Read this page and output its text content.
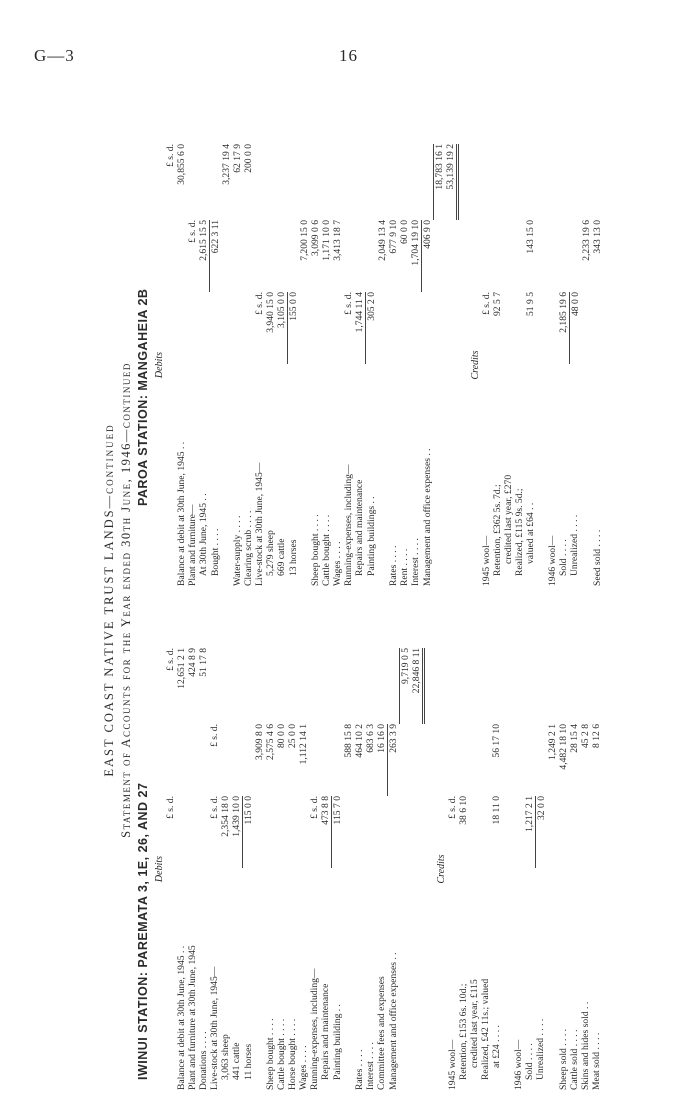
G—3	16
EAST COAST NATIVE TRUST LANDS—continued Statement of Accounts for the Year ended 30th June, 1946—continued
IWINUI STATION: PAREMATA 3, 1E, 26, AND 27
PAROA STATION: MANGAHEIA 2B
Debits			
	£ s. d.		£ s. d.
Balance at debit at 30th June, 1945 . .			12,651 2 1
Plant and furniture at 30th June, 1945			424 8 9
Donations . . . .			51 17 8
Live-stock at 30th June, 1945—	£ s. d.	£ s. d.	
3,063 sheep	2,354 18 0		
441 cattle	1,439 10 0		
11 horses	115 0 0		
		3,909 8 0	
Sheep bought . . . .		2,575 4 6	
Cattle bought . . . .		80 0 0	
Horse bought . . . .		25 0 0	
Wages . . . .		1,112 14 1	
Running-expenses, including—	£ s. d.		
Repairs and maintenance	473 8 8		
Painting building . .	115 7 0		
		588 15 8	
Rates . . . .		464 10 2	
Interest . . . .		683 6 3	
Committee fees and expenses		16 16 0	
Management and office expenses . .		263 3 9	
			9,719 0 5
			22,846 8 11

Credits			
1945 wool—	£ s. d.		
Retention, £153 6s. 10d.;	38 6 10		
credited last year, £115			
Realized, £42 11s.; valued			
at £24 . . . .	18 11 0	56 17 10	

1946 wool—			
Sold . . . .	1,217 2 1		
Unrealized . . . .	32 0 0		
		1,249 2 1	
Sheep sold . . . .		4,482 18 10	
Cattle sold . . . .		28 15 4	
Skins and hides sold . .		45 2 8	
Meat sold . . . .		8 12 6	
Debits			
			£ s. d.
Balance at debit at 30th June, 1945 . .			30,855 6 0
Plant and furniture—		£ s. d.	
At 30th June, 1945 . .		2,615 15 5	
Bought . . . .		622 3 11	
			3,237 19 4
Water-supply . . . .			62 17 9
Clearing scrub . . . .			200 0 0
Live-stock at 30th June, 1945—	£ s. d.		
5,279 sheep	3,940 15 0		
669 cattle	3,105 0 0		
13 horses	155 0 0		
		7,200 15 0	
Sheep bought . . . .		3,099 0 6	
Cattle bought . . . .		1,171 10 0	
Wages . . . .		3,413 18 7	
Running-expenses, including—	£ s. d.		
Repairs and maintenance	1,744 11 4		
Painting buildings . .	305 2 0		
		2,049 13 4	
Rates . . . .		677 9 10	
Rent . . . .		60 0 0	
Interest . . . .		1,704 19 10	
Management and office expenses . .		406 9 0	
			18,783 16 1
			53,139 19 2

Credits			
1945 wool—	£ s. d.		
Retention, £362 5s. 7d.;	92 5 7		
credited last year, £270			
Realized, £115 9s. 5d.;			
valued at £64 . .	51 9 5	143 15 0	

1946 wool—			
Sold . . . .	2,185 19 6		
Unrealized . . . .	48 0 0		
		2,233 19 6	
Seed sold . . . .		343 13 0	
